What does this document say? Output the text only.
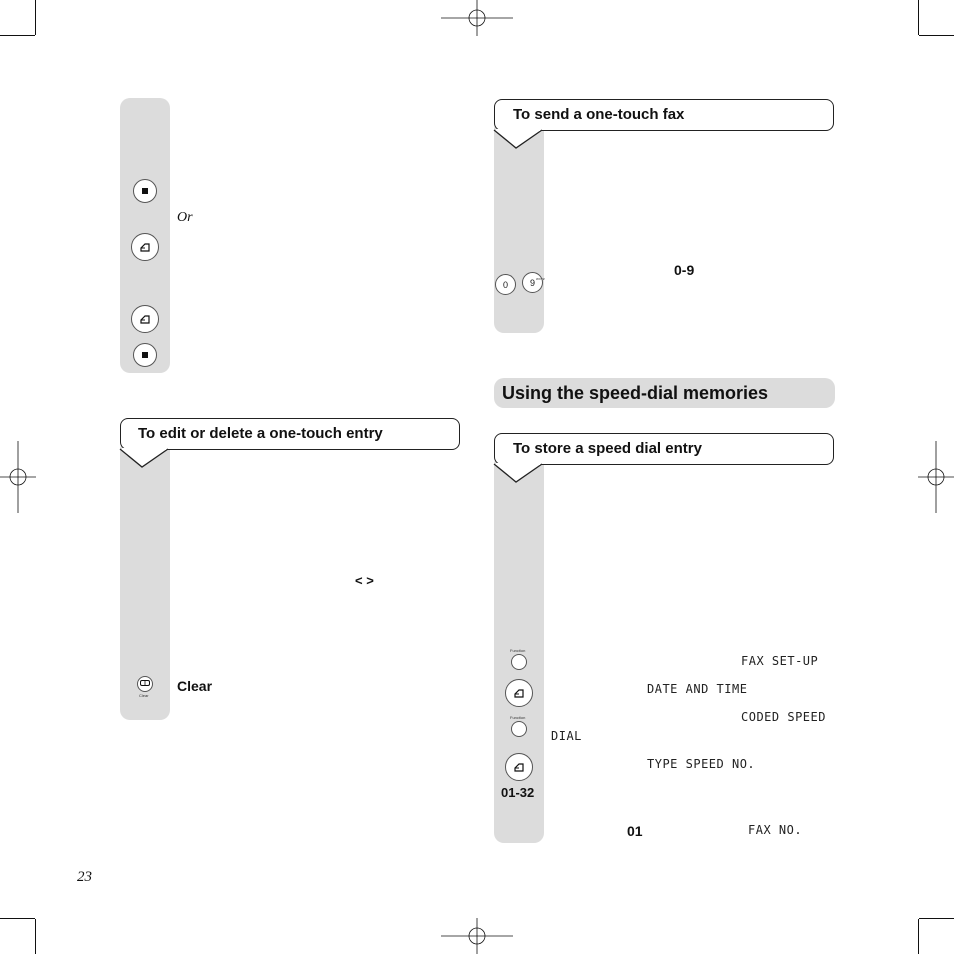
Or
To edit or delete a one-touch entry
< >
Clear
Clear
To send a one-touch fax
0 9 WXYZ
0-9
Using the speed-dial memories
To store a speed dial entry
Function
Function
01-32
FAX SET-UP
DATE AND TIME
CODED SPEED
DIAL
TYPE SPEED NO.
01	FAX NO.
23
